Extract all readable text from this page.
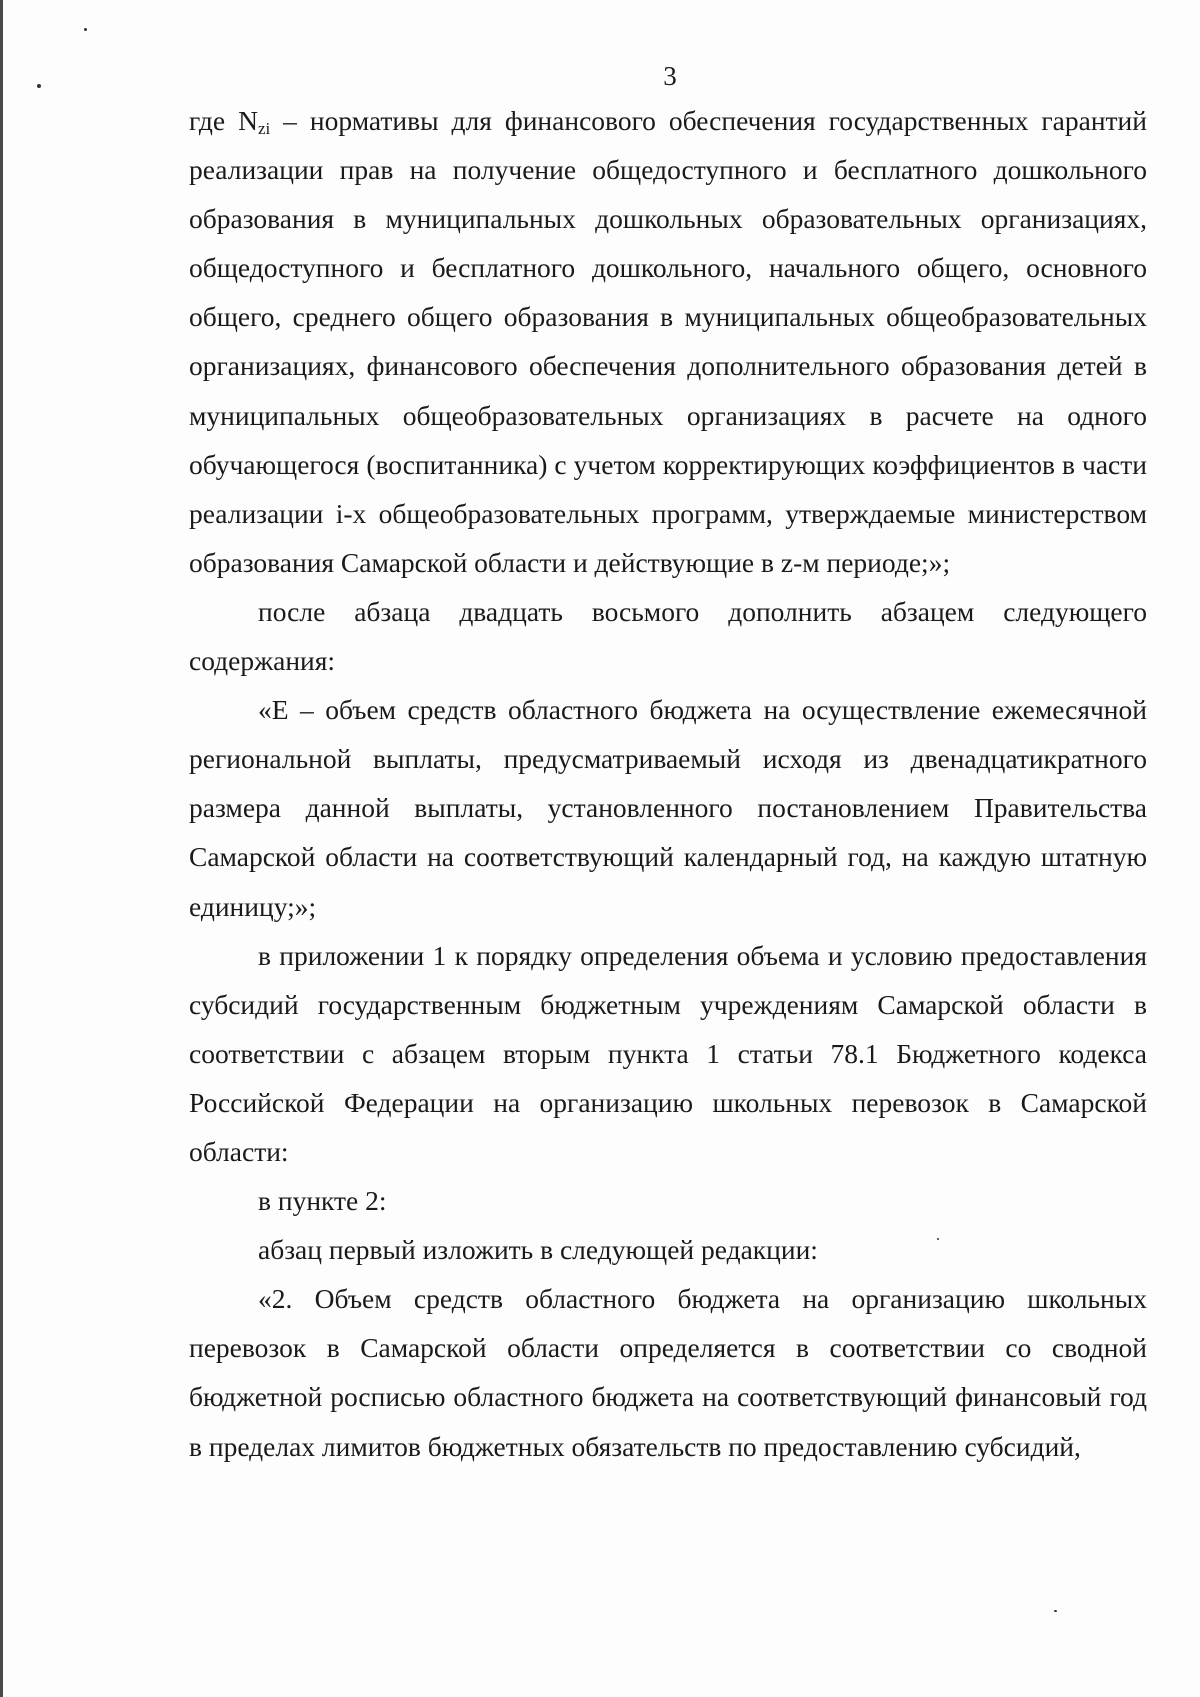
3

где $N_{zi}$ – нормативы для финансового обеспечения государственных гарантий реализации прав на получение общедоступного и бесплатного дошкольного образования в муниципальных дошкольных образовательных организациях, общедоступного и бесплатного дошкольного, начального общего, основного общего, среднего общего образования в муниципальных общеобразовательных организациях, финансового обеспечения дополнительного образования детей в муниципальных общеобразовательных организациях в расчете на одного обучающегося (воспитанника) с учетом корректирующих коэффициентов в части реализации i-х общеобразовательных программ, утверждаемые министерством образования Самарской области и действующие в z-м периоде;»;

после абзаца двадцать восьмого дополнить абзацем следующего содержания:

«Е – объем средств областного бюджета на осуществление ежемесячной региональной выплаты, предусматриваемый исходя из двенадцатикратного размера данной выплаты, установленного постановлением Правительства Самарской области на соответствующий календарный год, на каждую штатную единицу;»;

в приложении 1 к порядку определения объема и условию предоставления субсидий государственным бюджетным учреждениям Самарской области в соответствии с абзацем вторым пункта 1 статьи 78.1 Бюджетного кодекса Российской Федерации на организацию школьных перевозок в Самарской области:

в пункте 2:

абзац первый изложить в следующей редакции:

«2. Объем средств областного бюджета на организацию школьных перевозок в Самарской области определяется в соответствии со сводной бюджетной росписью областного бюджета на соответствующий финансовый год в пределах лимитов бюджетных обязательств по предоставлению субсидий,
